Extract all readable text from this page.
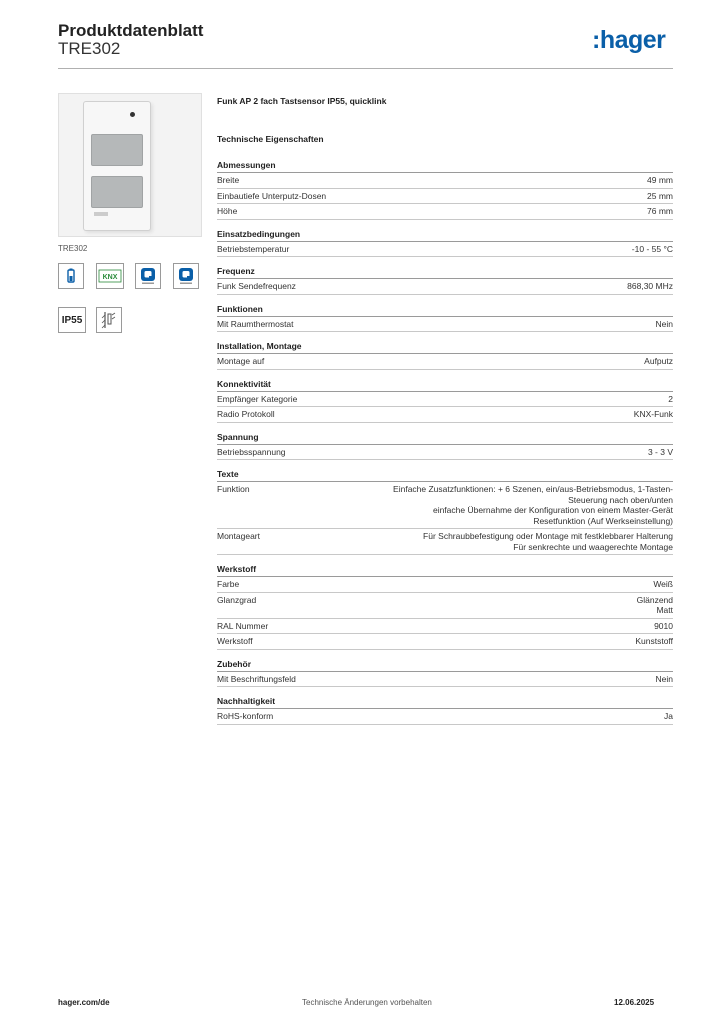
Produktdatenblatt
TRE302	:hager
TRE302
KNX
IP55
Funk AP 2 fach Tastsensor IP55, quicklink
Technische Eigenschaften
Abmessungen
Breite	49 mm
Einbautiefe Unterputz-Dosen	25 mm
Höhe	76 mm
Einsatzbedingungen
Betriebstemperatur	-10 - 55 °C
Frequenz
Funk Sendefrequenz	868,30 MHz
Funktionen
Mit Raumthermostat	Nein
Installation, Montage
Montage auf	Aufputz
Konnektivität
Empfänger Kategorie	2
Radio Protokoll	KNX-Funk
Spannung
Betriebsspannung	3 - 3 V
Texte
Funktion	Einfache Zusatzfunktionen: + 6 Szenen, ein/aus-Betriebsmodus, 1-Tasten-
Steuerung nach oben/unten
einfache Übernahme der Konfiguration von einem Master-Gerät
Resetfunktion (Auf Werkseinstellung)
Montageart	Für Schraubbefestigung oder Montage mit festklebbarer Halterung
Für senkrechte und waagerechte Montage
Werkstoff
Farbe	Weiß
Glanzgrad	Glänzend
Matt
RAL Nummer	9010
Werkstoff	Kunststoff
Zubehör
Mit Beschriftungsfeld	Nein
Nachhaltigkeit
RoHS-konform	Ja
hager.com/de	Technische Änderungen vorbehalten	12.06.2025
